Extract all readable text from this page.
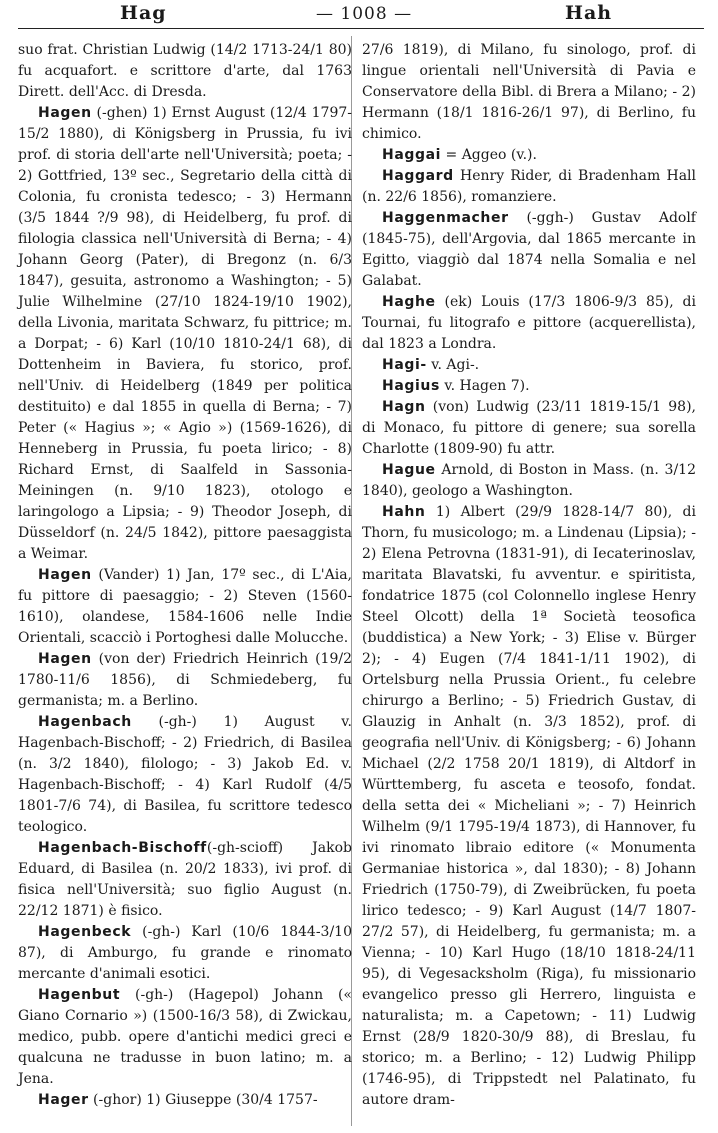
Hag	— 1008 —	Hah

suo frat. Christian Ludwig (14/2 1713-24/1 80) fu acquafort. e scrittore d'arte, dal 1763 Dirett. dell'Acc. di Dresda.

Hagen (-ghen) 1) Ernst August (12/4 1797-15/2 1880), di Königsberg in Prussia, fu ivi prof. di storia dell'arte nell'Università; poeta; - 2) Gottfried, 13º sec., Segretario della città di Colonia, fu cronista tedesco; - 3) Hermann (3/5 1844 ?/9 98), di Heidelberg, fu prof. di filologia classica nell'Università di Berna; - 4) Johann Georg (Pater), di Bregonz (n. 6/3 1847), gesuita, astronomo a Washington; - 5) Julie Wilhelmine (27/10 1824-19/10 1902), della Livonia, maritata Schwarz, fu pittrice; m. a Dorpat; - 6) Karl (10/10 1810-24/1 68), di Dottenheim in Baviera, fu storico, prof. nell'Univ. di Heidelberg (1849 per politica destituito) e dal 1855 in quella di Berna; - 7) Peter (« Hagius »; « Agio ») (1569-1626), di Henneberg in Prussia, fu poeta lirico; - 8) Richard Ernst, di Saalfeld in Sassonia-Meiningen (n. 9/10 1823), otologo e laringologo a Lipsia; - 9) Theodor Joseph, di Düsseldorf (n. 24/5 1842), pittore paesaggista a Weimar.

Hagen (Vander) 1) Jan, 17º sec., di L'Aia, fu pittore di paesaggio; - 2) Steven (1560-1610), olandese, 1584-1606 nelle Indie Orientali, scacciò i Portoghesi dalle Molucche.

Hagen (von der) Friedrich Heinrich (19/2 1780-11/6 1856), di Schmiedeberg, fu germanista; m. a Berlino.

Hagenbach (-gh-) 1) August v. Hagenbach-Bischoff; - 2) Friedrich, di Basilea (n. 3/2 1840), filologo; - 3) Jakob Ed. v. Hagenbach-Bischoff; - 4) Karl Rudolf (4/5 1801-7/6 74), di Basilea, fu scrittore tedesco teologico.

Hagenbach-Bischoff(-gh-scioff) Jakob Eduard, di Basilea (n. 20/2 1833), ivi prof. di fisica nell'Università; suo figlio August (n. 22/12 1871) è fisico.

Hagenbeck (-gh-) Karl (10/6 1844-3/10 87), di Amburgo, fu grande e rinomato mercante d'animali esotici.

Hagenbut (-gh-) (Hagepol) Johann (« Giano Cornario ») (1500-16/3 58), di Zwickau, medico, pubb. opere d'antichi medici greci e qualcuna ne tradusse in buon latino; m. a Jena.

Hager (-ghor) 1) Giuseppe (30/4 1757-

27/6 1819), di Milano, fu sinologo, prof. di lingue orientali nell'Università di Pavia e Conservatore della Bibl. di Brera a Milano; - 2) Hermann (18/1 1816-26/1 97), di Berlino, fu chimico.

Haggai = Aggeo (v.).

Haggard Henry Rider, di Bradenham Hall (n. 22/6 1856), romanziere.

Haggenmacher (-ggh-) Gustav Adolf (1845-75), dell'Argovia, dal 1865 mercante in Egitto, viaggiò dal 1874 nella Somalia e nel Galabat.

Haghe (ek) Louis (17/3 1806-9/3 85), di Tournai, fu litografo e pittore (acquerellista), dal 1823 a Londra.

Hagi- v. Agi-.

Hagius v. Hagen 7).

Hagn (von) Ludwig (23/11 1819-15/1 98), di Monaco, fu pittore di genere; sua sorella Charlotte (1809-90) fu attr.

Hague Arnold, di Boston in Mass. (n. 3/12 1840), geologo a Washington.

Hahn 1) Albert (29/9 1828-14/7 80), di Thorn, fu musicologo; m. a Lindenau (Lipsia); - 2) Elena Petrovna (1831-91), di Iecaterinoslav, maritata Blavatski, fu avventur. e spiritista, fondatrice 1875 (col Colonnello inglese Henry Steel Olcott) della 1ª Società teosofica (buddistica) a New York; - 3) Elise v. Bürger 2); - 4) Eugen (7/4 1841-1/11 1902), di Ortelsburg nella Prussia Orient., fu celebre chirurgo a Berlino; - 5) Friedrich Gustav, di Glauzig in Anhalt (n. 3/3 1852), prof. di geografia nell'Univ. di Königsberg; - 6) Johann Michael (2/2 1758 20/1 1819), di Altdorf in Württemberg, fu asceta e teosofo, fondat. della setta dei « Micheliani »; - 7) Heinrich Wilhelm (9/1 1795-19/4 1873), di Hannover, fu ivi rinomato libraio editore (« Monumenta Germaniae historica », dal 1830); - 8) Johann Friedrich (1750-79), di Zweibrücken, fu poeta lirico tedesco; - 9) Karl August (14/7 1807-27/2 57), di Heidelberg, fu germanista; m. a Vienna; - 10) Karl Hugo (18/10 1818-24/11 95), di Vegesacksholm (Riga), fu missionario evangelico presso gli Herrero, linguista e naturalista; m. a Capetown; - 11) Ludwig Ernst (28/9 1820-30/9 88), di Breslau, fu storico; m. a Berlino; - 12) Ludwig Philipp (1746-95), di Trippstedt nel Palatinato, fu autore dram-
